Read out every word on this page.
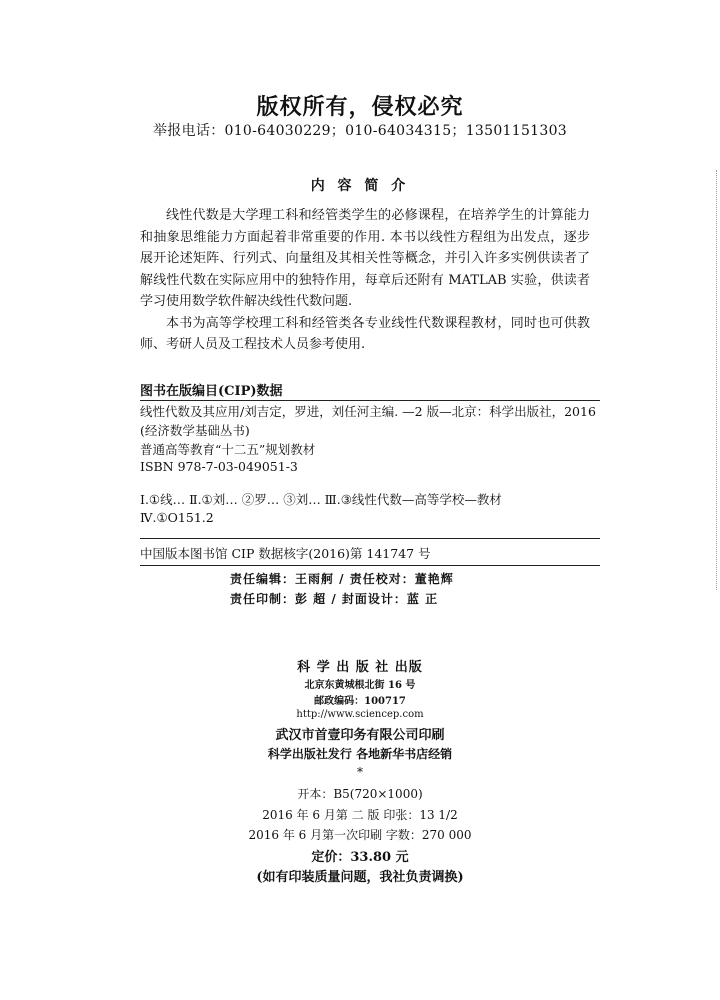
版权所有，侵权必究
举报电话：010-64030229；010-64034315；13501151303
内 容 简 介

线性代数是大学理工科和经管类学生的必修课程，在培养学生的计算能力和抽象思维能力方面起着非常重要的作用. 本书以线性方程组为出发点，逐步展开论述矩阵、行列式、向量组及其相关性等概念，并引入许多实例供读者了解线性代数在实际应用中的独特作用，每章后还附有 MATLAB 实验，供读者学习使用数学软件解决线性代数问题.

本书为高等学校理工科和经管类各专业线性代数课程教材，同时也可供教师、考研人员及工程技术人员参考使用.

图书在版编目(CIP)数据
线性代数及其应用/刘吉定，罗进，刘任河主编. —2 版—北京：科学出版社，2016
(经济数学基础丛书)
普通高等教育“十二五”规划教材
ISBN 978-7-03-049051-3
Ⅰ.①线… Ⅱ.①刘… ②罗… ③刘… Ⅲ.③线性代数—高等学校—教材
Ⅳ.①O151.2
中国版本图书馆 CIP 数据核字(2016)第 141747 号
责任编辑：王雨舸 / 责任校对：董艳辉
责任印制：彭 超 / 封面设计：蓝 正
科 学 出 版 社 出版
北京东黄城根北街 16 号
邮政编码：100717
http://www.sciencep.com
武汉市首壹印务有限公司印刷
科学出版社发行 各地新华书店经销
*
开本：B5(720×1000)
2016 年 6 月第 二 版 印张：13 1/2
2016 年 6 月第一次印刷 字数：270 000
定价：33.80 元
(如有印装质量问题，我社负责调换)
